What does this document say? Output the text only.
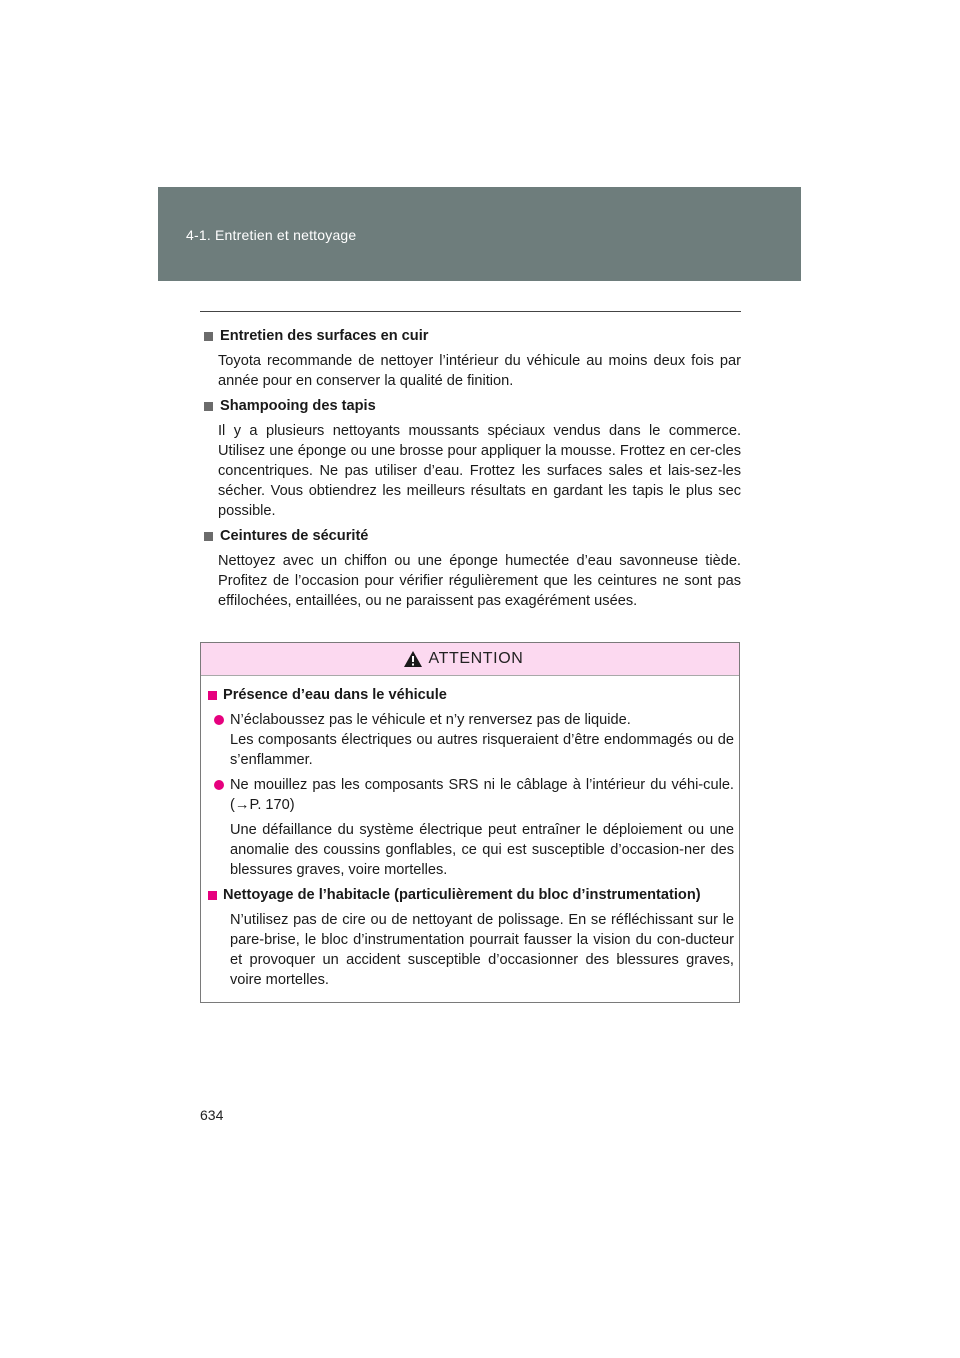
4-1. Entretien et nettoyage
Entretien des surfaces en cuir
Toyota recommande de nettoyer l’intérieur du véhicule au moins deux fois par année pour en conserver la qualité de finition.
Shampooing des tapis
Il y a plusieurs nettoyants moussants spéciaux vendus dans le commerce. Utilisez une éponge ou une brosse pour appliquer la mousse. Frottez en cer-cles concentriques. Ne pas utiliser d’eau. Frottez les surfaces sales et lais-sez-les sécher. Vous obtiendrez les meilleurs résultats en gardant les tapis le plus sec possible.
Ceintures de sécurité
Nettoyez avec un chiffon ou une éponge humectée d’eau savonneuse tiède. Profitez de l’occasion pour vérifier régulièrement que les ceintures ne sont pas effilochées, entaillées, ou ne paraissent pas exagérément usées.
ATTENTION
Présence d’eau dans le véhicule
N’éclaboussez pas le véhicule et n’y renversez pas de liquide.
Les composants électriques ou autres risqueraient d’être endommagés ou de s’enflammer.
Ne mouillez pas les composants SRS ni le câblage à l’intérieur du véhi-cule. (→P. 170)
Une défaillance du système électrique peut entraîner le déploiement ou une anomalie des coussins gonflables, ce qui est susceptible d’occasion-ner des blessures graves, voire mortelles.
Nettoyage de l’habitacle (particulièrement du bloc d’instrumentation)
N’utilisez pas de cire ou de nettoyant de polissage. En se réfléchissant sur le pare-brise, le bloc d’instrumentation pourrait fausser la vision du con-ducteur et provoquer un accident susceptible d’occasionner des blessures graves, voire mortelles.
634
